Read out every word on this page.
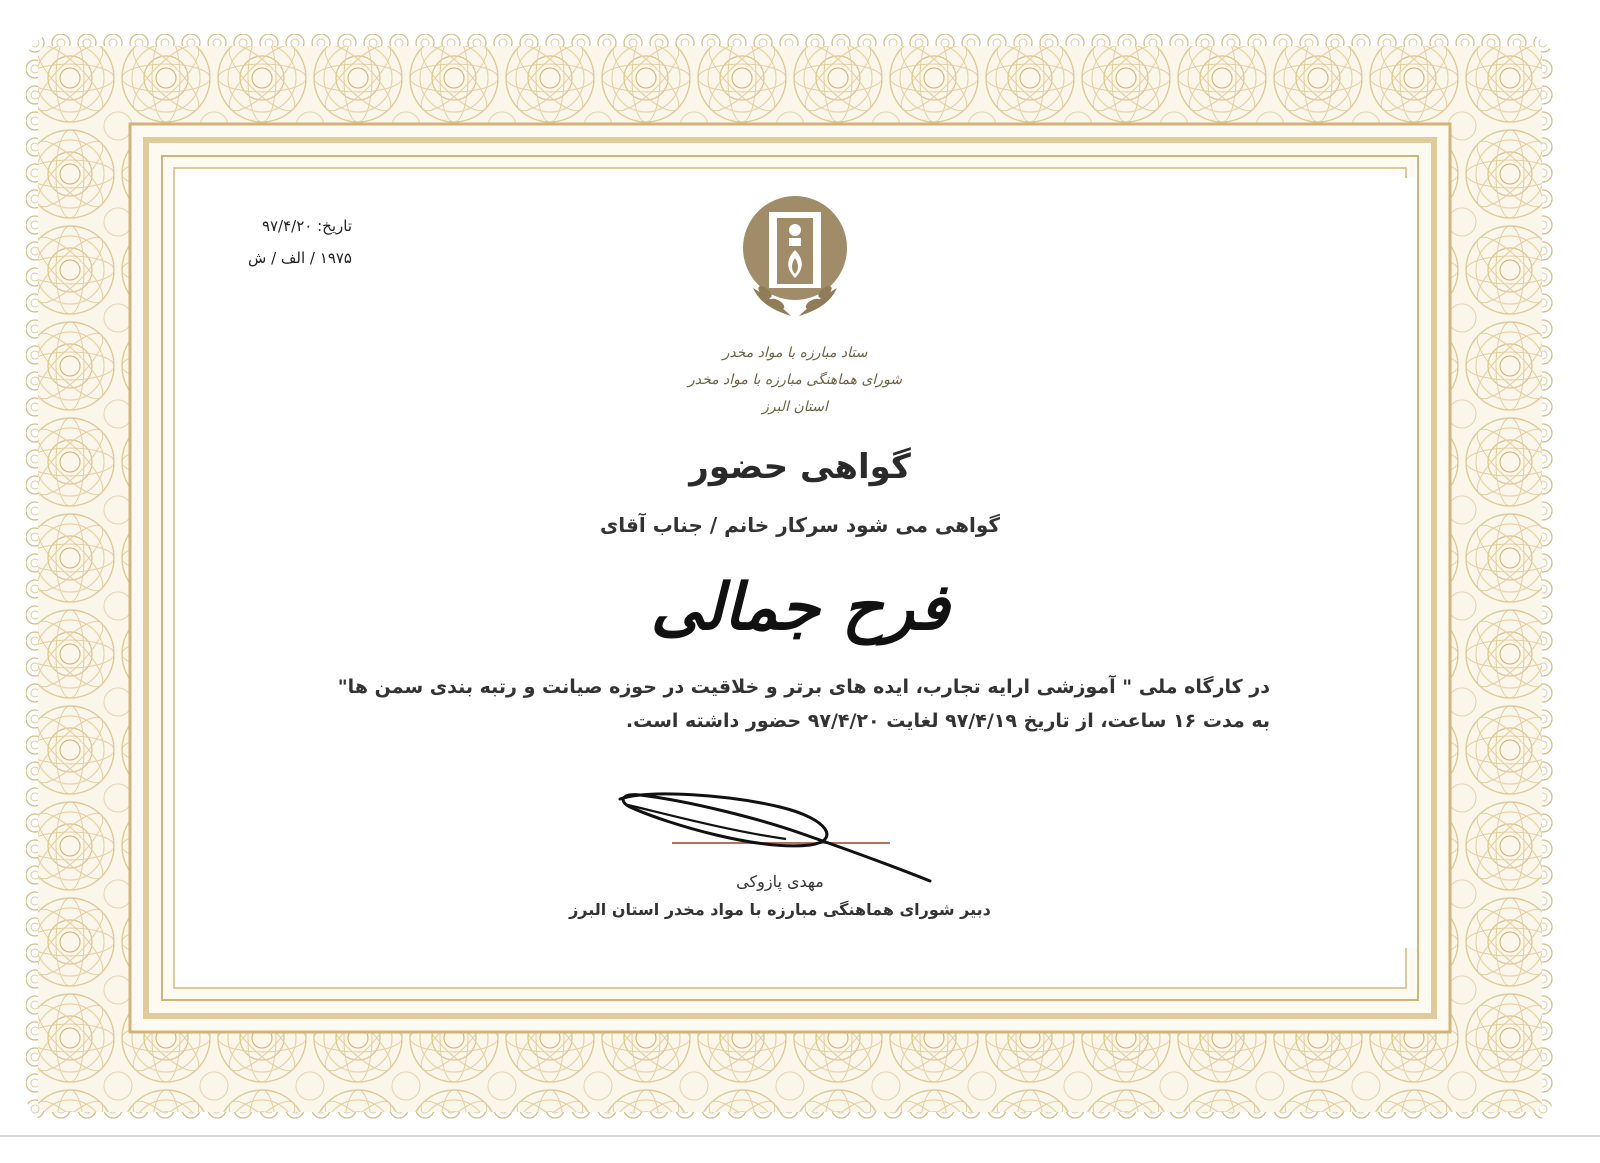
تاریخ: ۹۷/۴/۲۰
۱۹۷۵ / الف / ش
ستاد مبارزه با مواد مخدر
شورای هماهنگی مبارزه با مواد مخدر
استان البرز
گواهی حضور
گواهی می شود سرکار خانم / جناب آقای
فرح جمالی
در کارگاه ملی " آموزشی ارایه تجارب، ایده های برتر و خلاقیت در حوزه صیانت و رتبه بندی سمن ها"
به مدت ۱۶ ساعت، از تاریخ ۹۷/۴/۱۹ لغایت ۹۷/۴/۲۰ حضور داشته است.
مهدی پازوکی
دبیر شورای هماهنگی مبارزه با مواد مخدر استان البرز
